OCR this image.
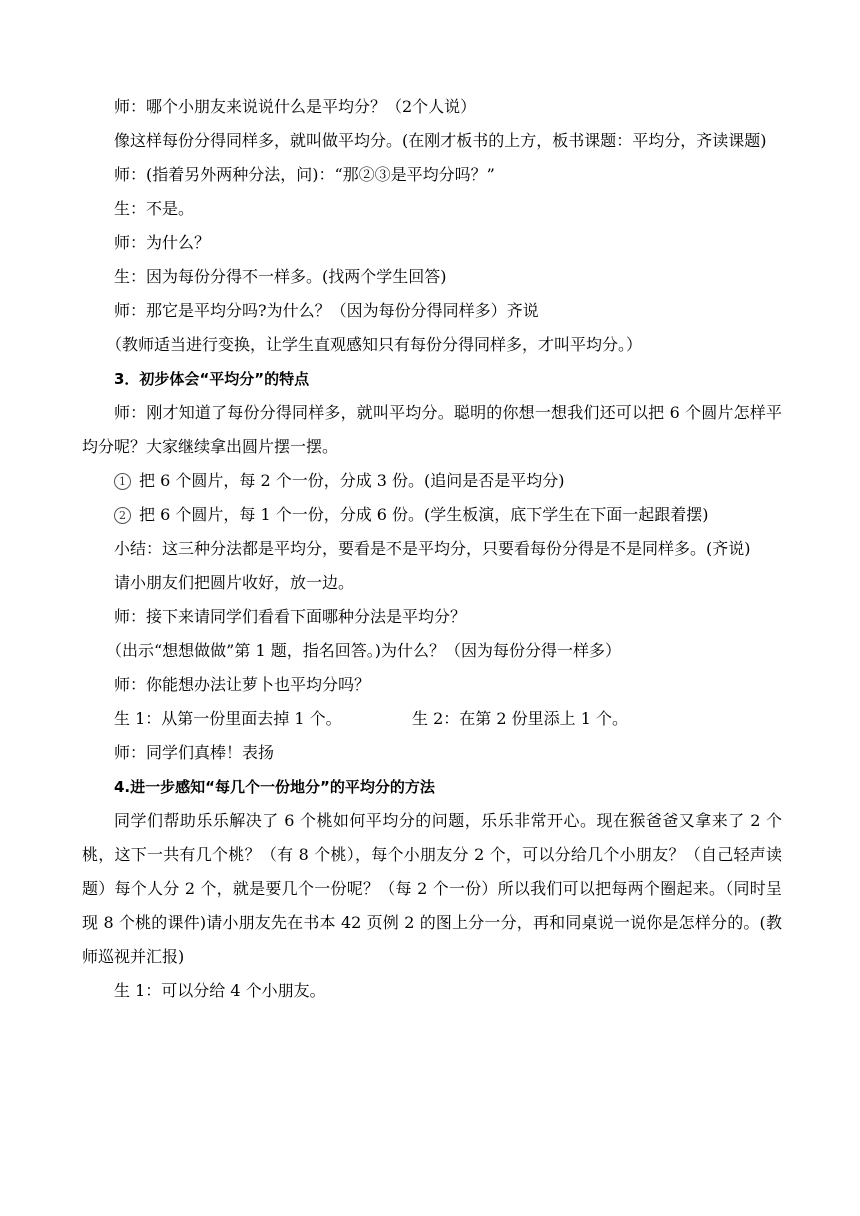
师：哪个小朋友来说说什么是平均分？（2个人说）

像这样每份分得同样多，就叫做平均分。(在刚才板书的上方，板书课题：平均分，齐读课题)

师：(指着另外两种分法，问)：“那②③是平均分吗？”

生：不是。

师：为什么？

生：因为每份分得不一样多。(找两个学生回答)

师：那它是平均分吗?为什么？（因为每份分得同样多）齐说

（教师适当进行变换，让学生直观感知只有每份分得同样多，才叫平均分。）

3．初步体会“平均分”的特点

师：刚才知道了每份分得同样多，就叫平均分。聪明的你想一想我们还可以把 6 个圆片怎样平均分呢？大家继续拿出圆片摆一摆。

1 把 6 个圆片，每 2 个一份，分成 3 份。(追问是否是平均分)

2 把 6 个圆片，每 1 个一份，分成 6 份。(学生板演，底下学生在下面一起跟着摆)

小结：这三种分法都是平均分，要看是不是平均分，只要看每份分得是不是同样多。(齐说)

请小朋友们把圆片收好，放一边。

师：接下来请同学们看看下面哪种分法是平均分？

（出示“想想做做”第 1 题，指名回答。)为什么？（因为每份分得一样多）

师：你能想办法让萝卜也平均分吗？

生 1：从第一份里面去掉 1 个。	生 2：在第 2 份里添上 1 个。

师：同学们真棒！表扬

4.进一步感知“每几个一份地分”的平均分的方法

同学们帮助乐乐解决了 6 个桃如何平均分的问题，乐乐非常开心。现在猴爸爸又拿来了 2 个桃，这下一共有几个桃？（有 8 个桃），每个小朋友分 2 个，可以分给几个小朋友？（自己轻声读题）每个人分 2 个，就是要几个一份呢？（每 2 个一份）所以我们可以把每两个圈起来。（同时呈现 8 个桃的课件)请小朋友先在书本 42 页例 2 的图上分一分，再和同桌说一说你是怎样分的。(教师巡视并汇报)

生 1：可以分给 4 个小朋友。
